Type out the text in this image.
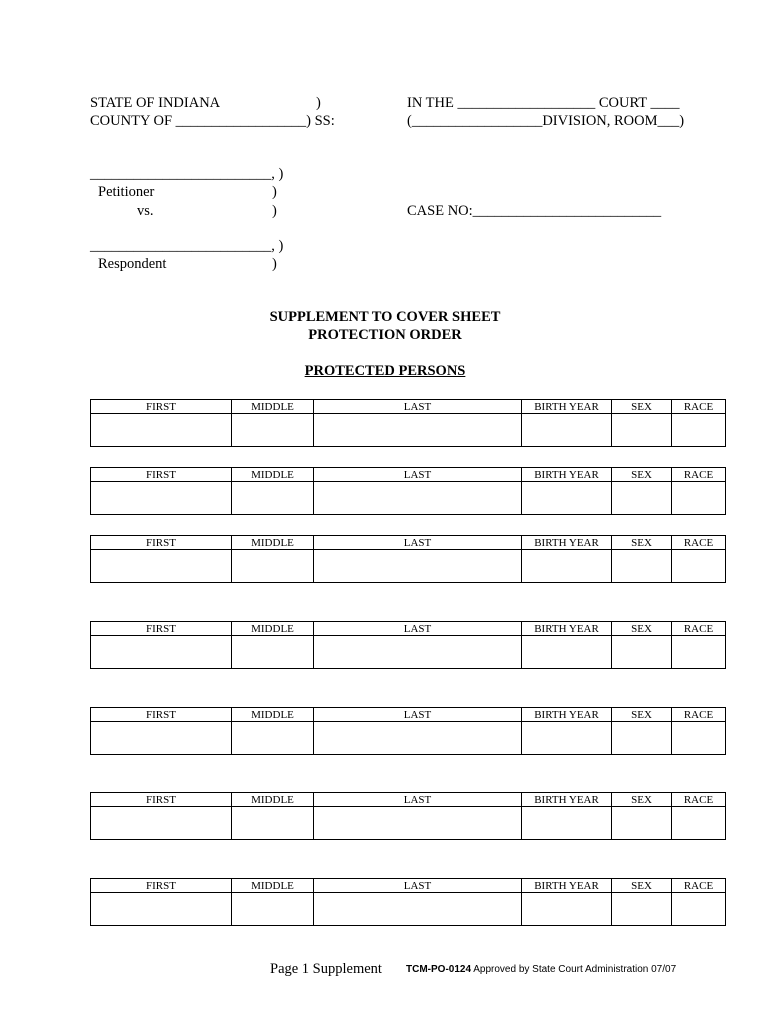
STATE OF INDIANA	)
COUNTY OF __________________) SS:
IN THE ___________________ COURT ____
(__________________DIVISION, ROOM___)
_________________________, )
Petitioner	)
vs.	)	CASE NO:__________________________
_________________________, )
Respondent	)
SUPPLEMENT TO COVER SHEET
PROTECTION ORDER
PROTECTED PERSONS
FIRST	MIDDLE	LAST	BIRTH YEAR	SEX	RACE

FIRST	MIDDLE	LAST	BIRTH YEAR	SEX	RACE

FIRST	MIDDLE	LAST	BIRTH YEAR	SEX	RACE

FIRST	MIDDLE	LAST	BIRTH YEAR	SEX	RACE

FIRST	MIDDLE	LAST	BIRTH YEAR	SEX	RACE

FIRST	MIDDLE	LAST	BIRTH YEAR	SEX	RACE

FIRST	MIDDLE	LAST	BIRTH YEAR	SEX	RACE

Page 1 Supplement TCM-PO-0124 Approved by State Court Administration 07/07
